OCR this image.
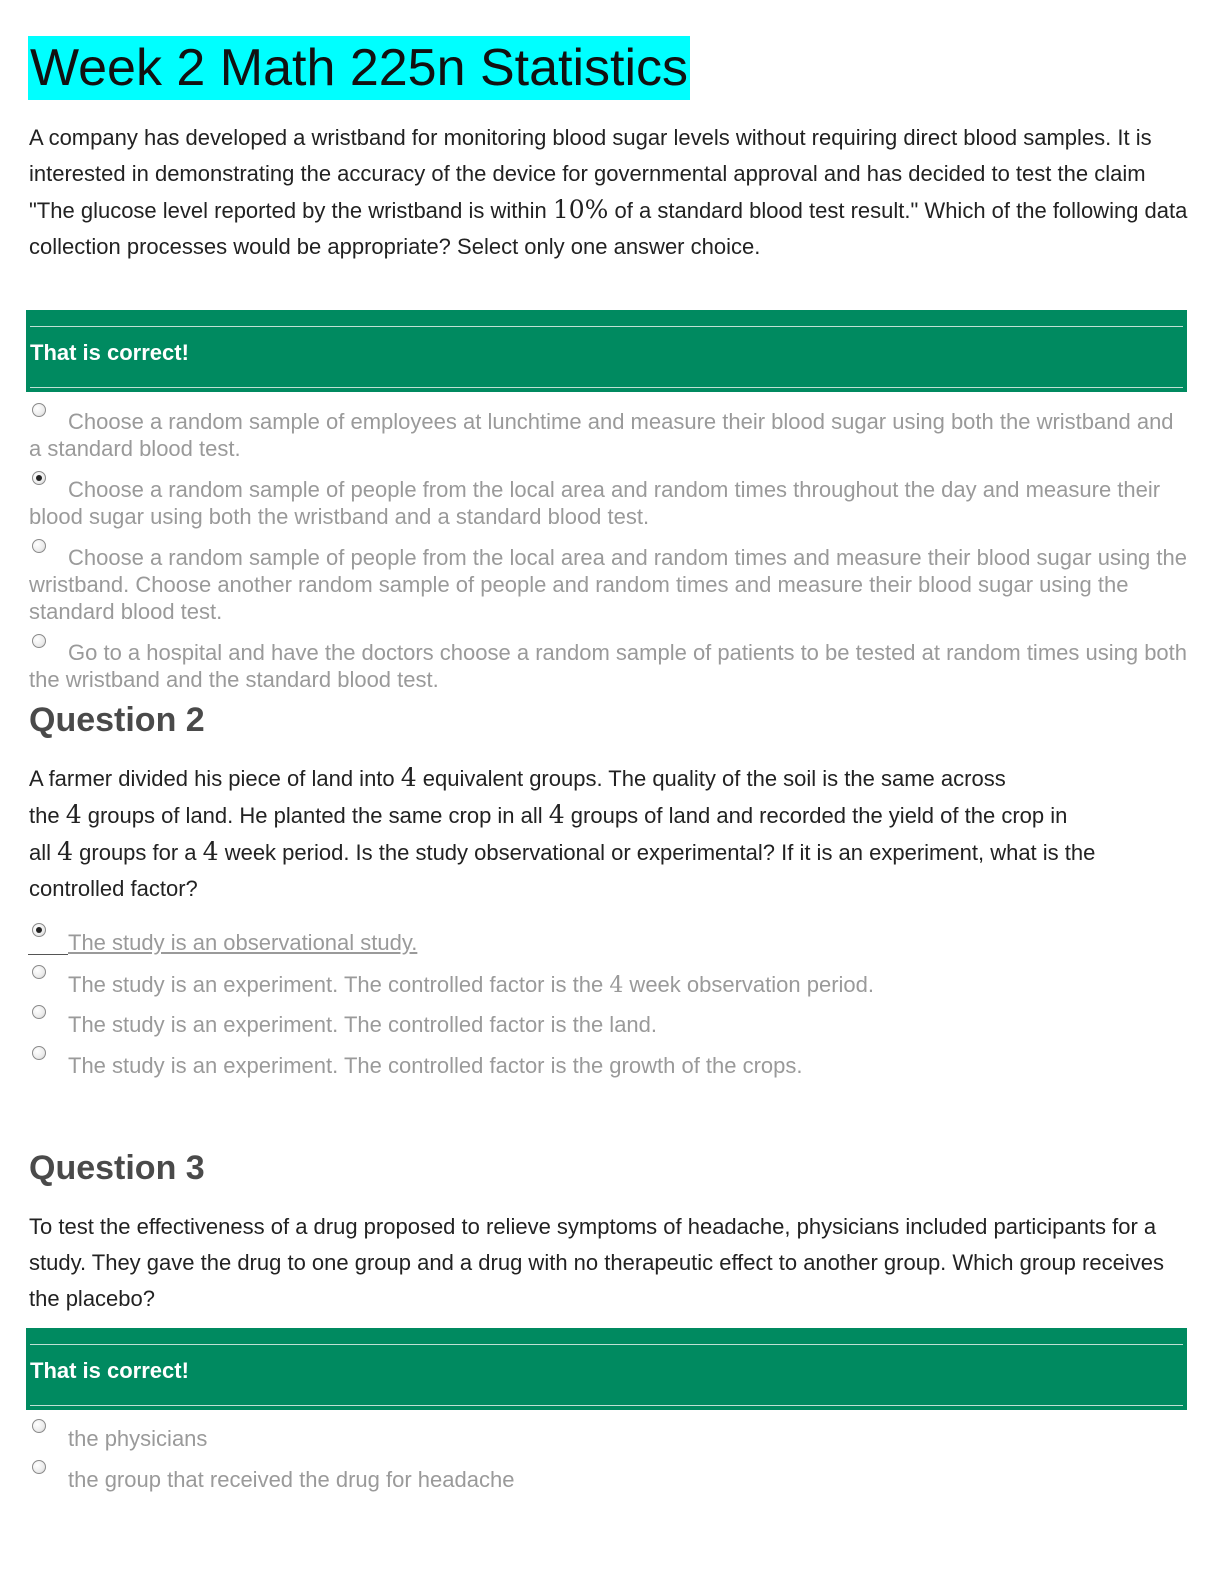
Week 2 Math 225n Statistics
A company has developed a wristband for monitoring blood sugar levels without requiring direct blood samples. It is interested in demonstrating the accuracy of the device for governmental approval and has decided to test the claim "The glucose level reported by the wristband is within 10% of a standard blood test result." Which of the following data collection processes would be appropriate? Select only one answer choice.
That is correct!
Choose a random sample of employees at lunchtime and measure their blood sugar using both the wristband and a standard blood test.
Choose a random sample of people from the local area and random times throughout the day and measure their blood sugar using both the wristband and a standard blood test.
Choose a random sample of people from the local area and random times and measure their blood sugar using the wristband. Choose another random sample of people and random times and measure their blood sugar using the standard blood test.
Go to a hospital and have the doctors choose a random sample of patients to be tested at random times using both the wristband and the standard blood test.
Question 2
A farmer divided his piece of land into 4 equivalent groups. The quality of the soil is the same across
the 4 groups of land. He planted the same crop in all 4 groups of land and recorded the yield of the crop in
all 4 groups for a 4 week period. Is the study observational or experimental? If it is an experiment, what is the
controlled factor?
The study is an observational study.
The study is an experiment. The controlled factor is the 4 week observation period.
The study is an experiment. The controlled factor is the land.
The study is an experiment. The controlled factor is the growth of the crops.
Question 3
To test the effectiveness of a drug proposed to relieve symptoms of headache, physicians included participants for a study. They gave the drug to one group and a drug with no therapeutic effect to another group. Which group receives the placebo?
That is correct!
the physicians
the group that received the drug for headache
